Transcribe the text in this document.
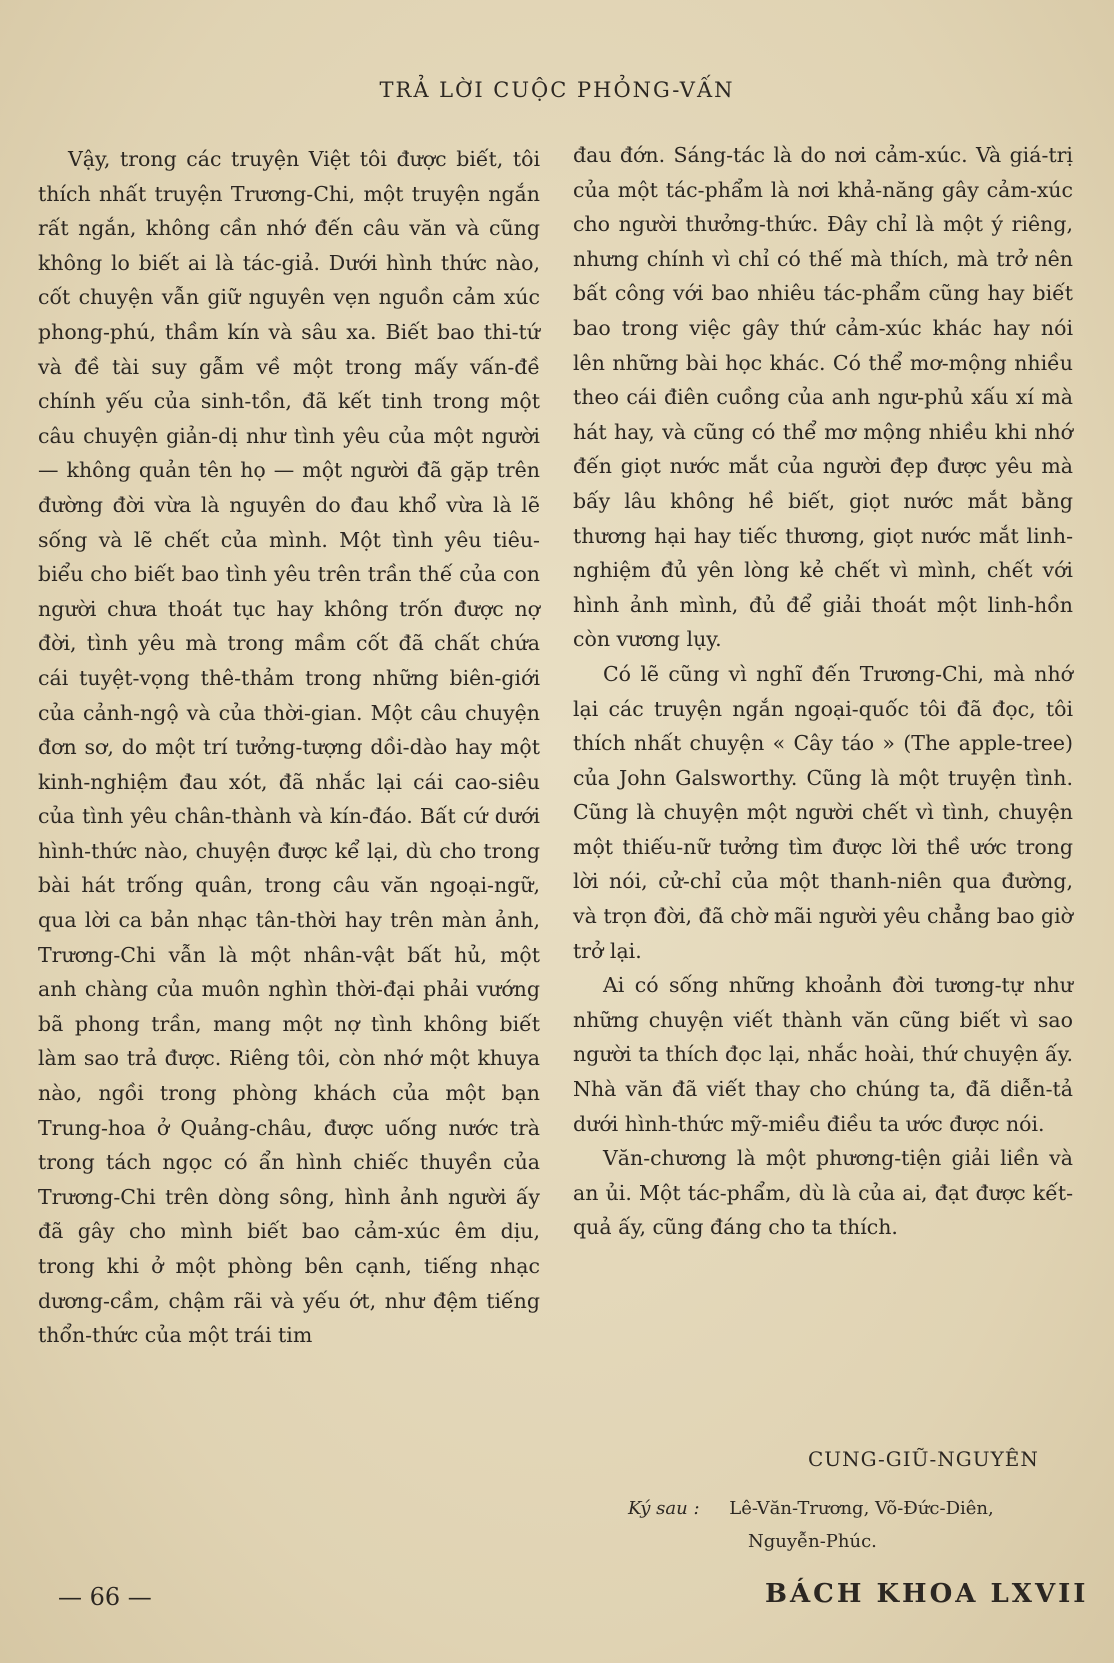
TRẢ LỜI CUỘC PHỎNG-VẤN

Vậy, trong các truyện Việt tôi được biết, tôi thích nhất truyện Trương-Chi, một truyện ngắn rất ngắn, không cần nhớ đến câu văn và cũng không lo biết ai là tác-giả. Dưới hình thức nào, cốt chuyện vẫn giữ nguyên vẹn nguồn cảm xúc phong-phú, thầm kín và sâu xa. Biết bao thi-tứ và đề tài suy gẫm về một trong mấy vấn-đề chính yếu của sinh-tồn, đã kết tinh trong một câu chuyện giản-dị như tình yêu của một người — không quản tên họ — một người đã gặp trên đường đời vừa là nguyên do đau khổ vừa là lẽ sống và lẽ chết của mình. Một tình yêu tiêu-biểu cho biết bao tình yêu trên trần thế của con người chưa thoát tục hay không trốn được nợ đời, tình yêu mà trong mầm cốt đã chất chứa cái tuyệt-vọng thê-thảm trong những biên-giới của cảnh-ngộ và của thời-gian. Một câu chuyện đơn sơ, do một trí tưởng-tượng dồi-dào hay một kinh-nghiệm đau xót, đã nhắc lại cái cao-siêu của tình yêu chân-thành và kín-đáo. Bất cứ dưới hình-thức nào, chuyện được kể lại, dù cho trong bài hát trống quân, trong câu văn ngoại-ngữ, qua lời ca bản nhạc tân-thời hay trên màn ảnh, Trương-Chi vẫn là một nhân-vật bất hủ, một anh chàng của muôn nghìn thời-đại phải vướng bã phong trần, mang một nợ tình không biết làm sao trả được. Riêng tôi, còn nhớ một khuya nào, ngồi trong phòng khách của một bạn Trung-hoa ở Quảng-châu, được uống nước trà trong tách ngọc có ẩn hình chiếc thuyền của Trương-Chi trên dòng sông, hình ảnh người ấy đã gây cho mình biết bao cảm-xúc êm dịu, trong khi ở một phòng bên cạnh, tiếng nhạc dương-cầm, chậm rãi và yếu ớt, như đệm tiếng thổn-thức của một trái tim

đau đớn. Sáng-tác là do nơi cảm-xúc. Và giá-trị của một tác-phẩm là nơi khả-năng gây cảm-xúc cho người thưởng-thức. Đây chỉ là một ý riêng, nhưng chính vì chỉ có thế mà thích, mà trở nên bất công với bao nhiêu tác-phẩm cũng hay biết bao trong việc gây thứ cảm-xúc khác hay nói lên những bài học khác. Có thể mơ-mộng nhiều theo cái điên cuồng của anh ngư-phủ xấu xí mà hát hay, và cũng có thể mơ mộng nhiều khi nhớ đến giọt nước mắt của người đẹp được yêu mà bấy lâu không hề biết, giọt nước mắt bằng thương hại hay tiếc thương, giọt nước mắt linh-nghiệm đủ yên lòng kẻ chết vì mình, chết với hình ảnh mình, đủ để giải thoát một linh-hồn còn vương lụy.

Có lẽ cũng vì nghĩ đến Trương-Chi, mà nhớ lại các truyện ngắn ngoại-quốc tôi đã đọc, tôi thích nhất chuyện « Cây táo » (The apple-tree) của John Galsworthy. Cũng là một truyện tình. Cũng là chuyện một người chết vì tình, chuyện một thiếu-nữ tưởng tìm được lời thề ước trong lời nói, cử-chỉ của một thanh-niên qua đường, và trọn đời, đã chờ mãi người yêu chẳng bao giờ trở lại.

Ai có sống những khoảnh đời tương-tự như những chuyện viết thành văn cũng biết vì sao người ta thích đọc lại, nhắc hoài, thứ chuyện ấy. Nhà văn đã viết thay cho chúng ta, đã diễn-tả dưới hình-thức mỹ-miều điều ta ước được nói.

Văn-chương là một phương-tiện giải liền và an ủi. Một tác-phẩm, dù là của ai, đạt được kết-quả ấy, cũng đáng cho ta thích.

CUNG-GIŨ-NGUYÊN
Ký sau : Lê-Văn-Trương, Võ-Đức-Diên,
Nguyễn-Phúc.
— 66 —	BÁCH KHOA LXVII
